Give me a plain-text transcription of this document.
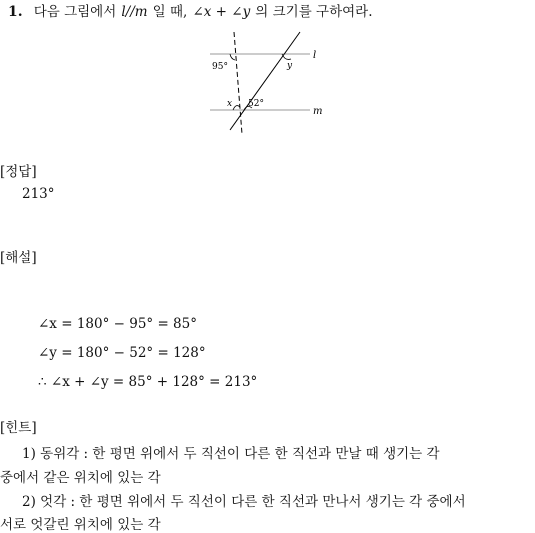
1. 다음 그림에서 l//m 일 때, ∠x + ∠y 의 크기를 구하여라.
95°	y
l
x 52°
m
[정답]
213°
[해설]
∠x = 180° − 95° = 85°
∠y = 180° − 52° = 128°
∴ ∠x + ∠y = 85° + 128° = 213°
[힌트]
1) 동위각 : 한 평면 위에서 두 직선이 다른 한 직선과 만날 때 생기는 각
중에서 같은 위치에 있는 각
2) 엇각 : 한 평면 위에서 두 직선이 다른 한 직선과 만나서 생기는 각 중에서
서로 엇갈린 위치에 있는 각
